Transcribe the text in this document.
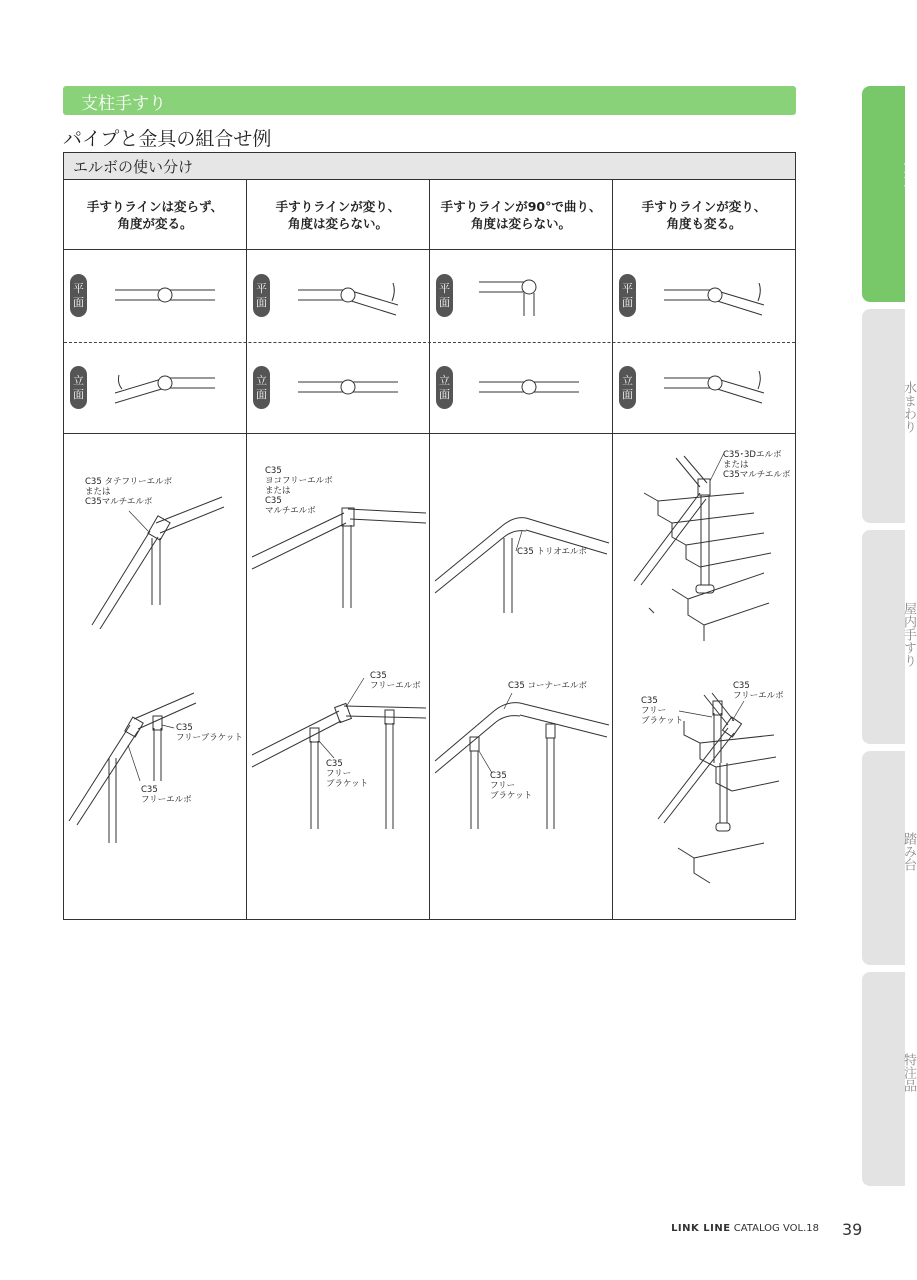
支柱手すり
パイプと金具の組合せ例
エルボの使い分け
手すりラインは変らず、
角度が変る。
手すりラインが変り、
角度は変らない。
手すりラインが90°で曲り、
角度は変らない。
手すりラインが変り、
角度も変る。
平
面
平
面
平
面
平
面
立
面
立
面
立
面
立
面
C35 タテフリーエルボ
または
C35マルチエルボ
C35
ヨコフリーエルボ
または
C35
マルチエルボ
C35 トリオエルボ
C35･3Dエルボ
または
C35マルチエルボ
C35
フリーブラケット
C35
フリーエルボ
C35
フリーエルボ
C35
フリー
ブラケット
C35 コーナーエルボ
C35
フリー
ブラケット
C35
フリーエルボ
C35
フリー
ブラケット
屋外手すり
水まわり
屋内手すり
踏み台
特注品
LINK LINE CATALOG VOL.18 39
